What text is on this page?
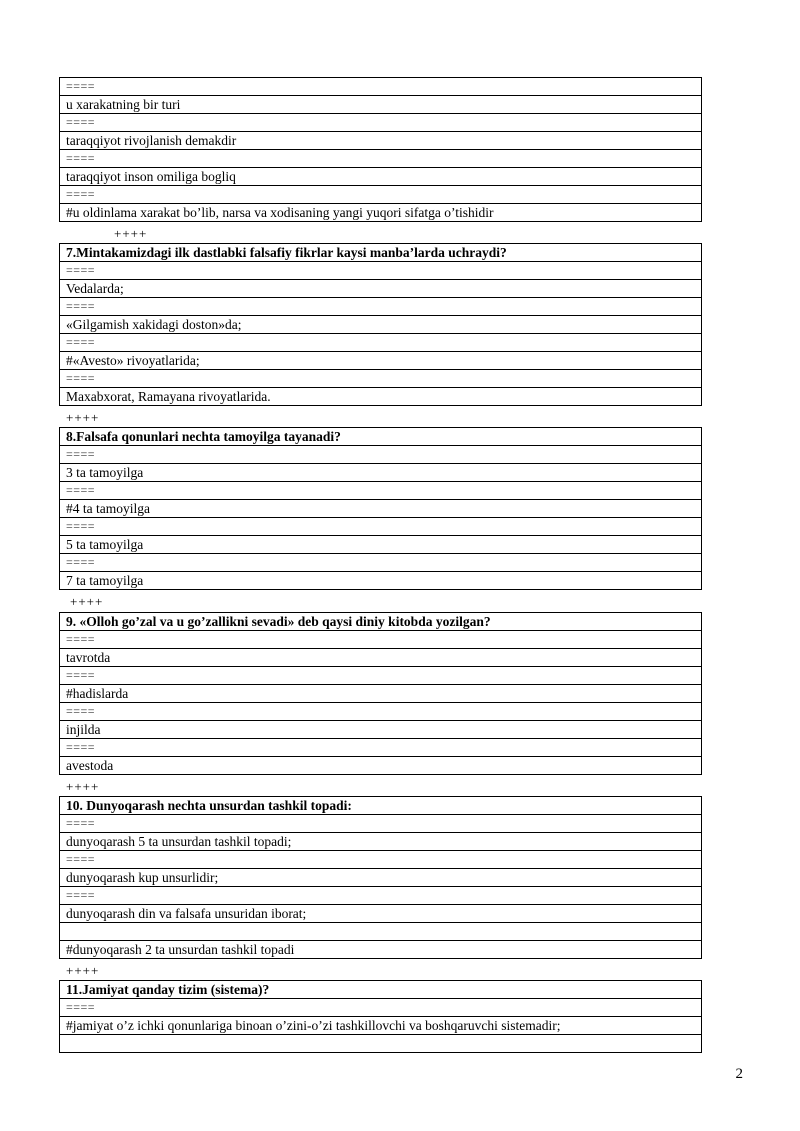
====
u xarakatning bir turi
====
taraqqiyot rivojlanish demakdir
====
taraqqiyot inson omiliga bogliq
====
#u oldinlama xarakat bo’lib, narsa va xodisaning yangi yuqori sifatga o’tishidir
++++
7.Mintakamizdagi ilk dastlabki falsafiy fikrlar kaysi manba’larda uchraydi?
====
Vedalarda;
====
«Gilgamish xakidagi doston»da;
====
#«Avesto» rivoyatlarida;
====
Maxabxorat, Ramayana rivoyatlarida.
++++
8.Falsafa qonunlari nechta tamoyilga tayanadi?
====
3 ta tamoyilga
====
#4 ta tamoyilga
====
5 ta tamoyilga
====
7 ta tamoyilga
++++
9. «Olloh go’zal va u go’zallikni sevadi» deb qaysi diniy kitobda yozilgan?
====
tavrotda
====
#hadislarda
====
injilda
====
avestoda
++++
10. Dunyoqarash nechta unsurdan tashkil topadi:
====
dunyoqarash 5 ta unsurdan tashkil topadi;
====
dunyoqarash kup unsurlidir;
====
dunyoqarash din va falsafa unsuridan iborat;

#dunyoqarash 2 ta unsurdan tashkil topadi
++++
11.Jamiyat qanday tizim (sistema)?
====
#jamiyat o’z ichki qonunlariga binoan o’zini-o’zi tashkillovchi va boshqaruvchi sistemadir;

2
